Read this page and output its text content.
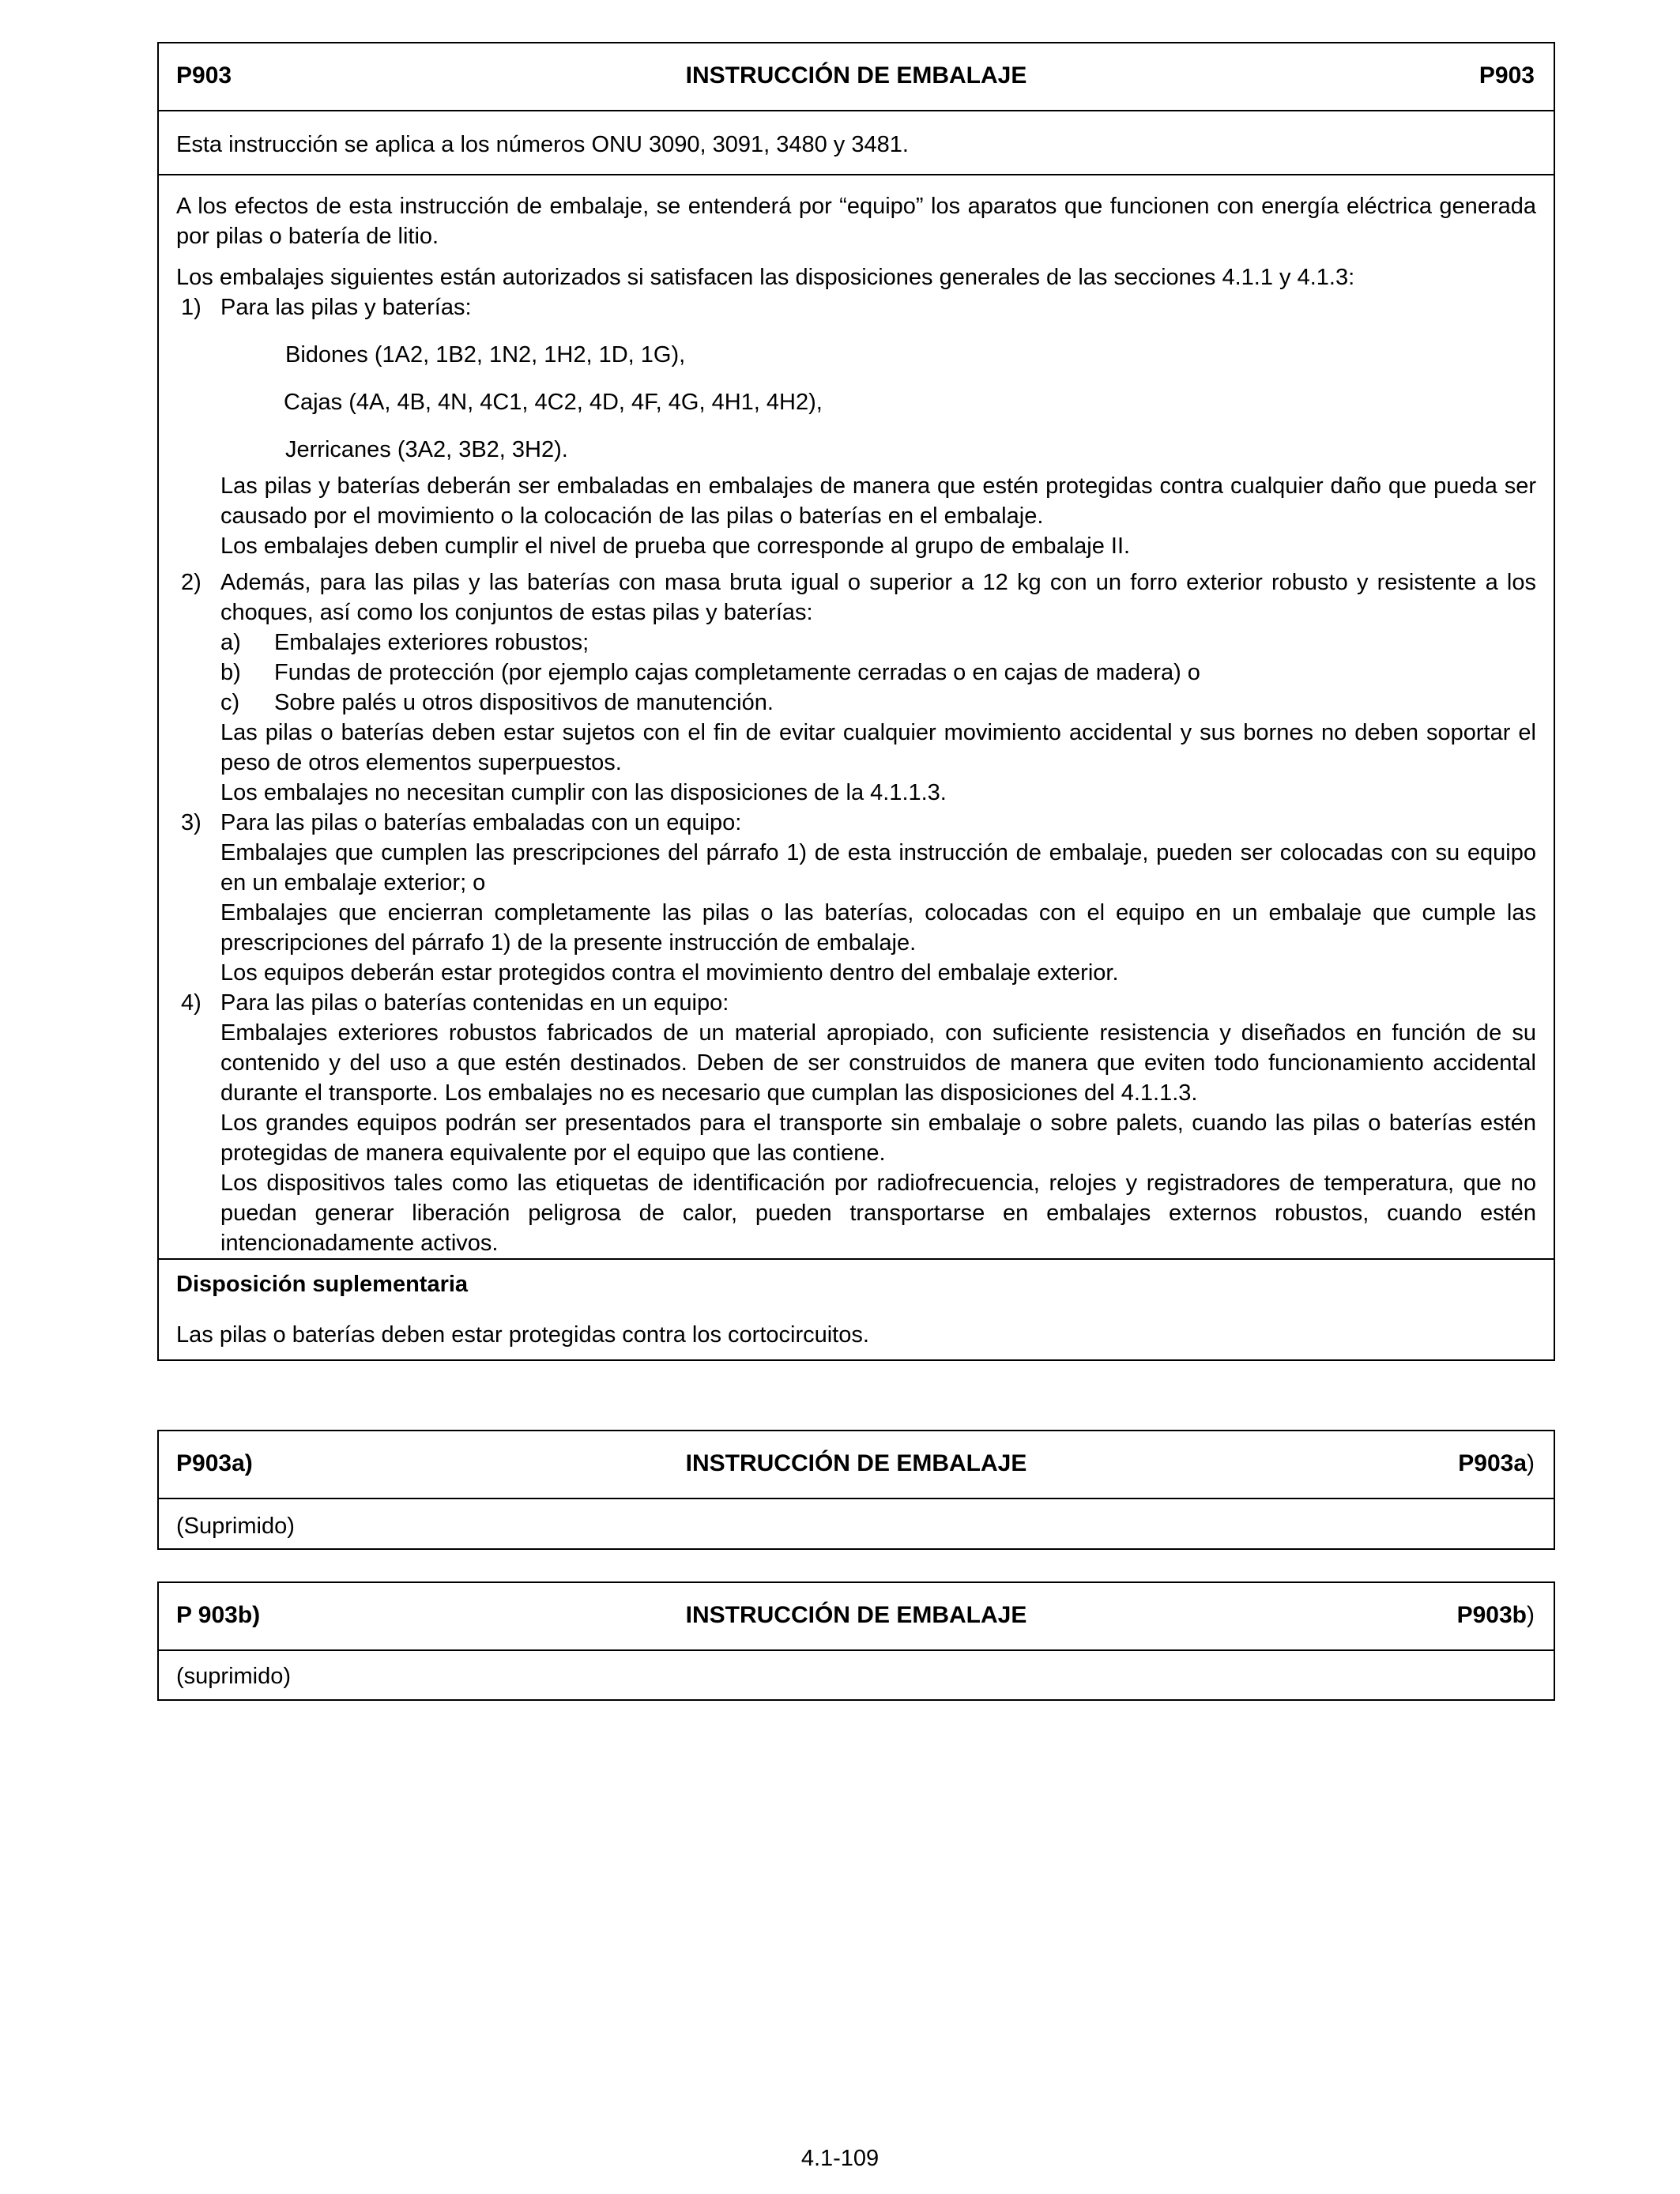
P903	INSTRUCCIÓN DE EMBALAJE	P903

Esta instrucción se aplica a los números ONU 3090, 3091, 3480 y 3481.

A los efectos de esta instrucción de embalaje, se entenderá por “equipo” los aparatos que funcionen con energía eléctrica generada por pilas o batería de litio.

Los embalajes siguientes están autorizados si satisfacen las disposiciones generales de las secciones 4.1.1 y 4.1.3:

1) Para las pilas y baterías:

Bidones (1A2, 1B2, 1N2, 1H2, 1D, 1G),

Cajas (4A, 4B, 4N, 4C1, 4C2, 4D, 4F, 4G, 4H1, 4H2),

Jerricanes (3A2, 3B2, 3H2).

Las pilas y baterías deberán ser embaladas en embalajes de manera que estén protegidas contra cualquier daño que pueda ser causado por el movimiento o la colocación de las pilas o baterías en el embalaje.

Los embalajes deben cumplir el nivel de prueba que corresponde al grupo de embalaje II.

2) Además, para las pilas y las baterías con masa bruta igual o superior a 12 kg con un forro exterior robusto y resistente a los choques, así como los conjuntos de estas pilas y baterías:

a)	Embalajes exteriores robustos;
b)	Fundas de protección (por ejemplo cajas completamente cerradas o en cajas de madera) o
c)	Sobre palés u otros dispositivos de manutención.

Las pilas o baterías deben estar sujetos con el fin de evitar cualquier movimiento accidental y sus bornes no deben soportar el peso de otros elementos superpuestos.

Los embalajes no necesitan cumplir con las disposiciones de la 4.1.1.3.

3) Para las pilas o baterías embaladas con un equipo:

Embalajes que cumplen las prescripciones del párrafo 1) de esta instrucción de embalaje, pueden ser colocadas con su equipo en un embalaje exterior; o

Embalajes que encierran completamente las pilas o las baterías, colocadas con el equipo en un embalaje que cumple las prescripciones del párrafo 1) de la presente instrucción de embalaje.

Los equipos deberán estar protegidos contra el movimiento dentro del embalaje exterior.

4) Para las pilas o baterías contenidas en un equipo:

Embalajes exteriores robustos fabricados de un material apropiado, con suficiente resistencia y diseñados en función de su contenido y del uso a que estén destinados. Deben de ser construidos de manera que eviten todo funcionamiento accidental durante el transporte. Los embalajes no es necesario que cumplan las disposiciones del 4.1.1.3.

Los grandes equipos podrán ser presentados para el transporte sin embalaje o sobre palets, cuando las pilas o baterías estén protegidas de manera equivalente por el equipo que las contiene.

Los dispositivos tales como las etiquetas de identificación por radiofrecuencia, relojes y registradores de temperatura, que no puedan generar liberación peligrosa de calor, pueden transportarse en embalajes externos robustos, cuando estén intencionadamente activos.

Disposición suplementaria

Las pilas o baterías deben estar protegidas contra los cortocircuitos.

P903a)	INSTRUCCIÓN DE EMBALAJE	P903a)

(Suprimido)

P 903b)	INSTRUCCIÓN DE EMBALAJE	P903b)

(suprimido)

4.1-109
